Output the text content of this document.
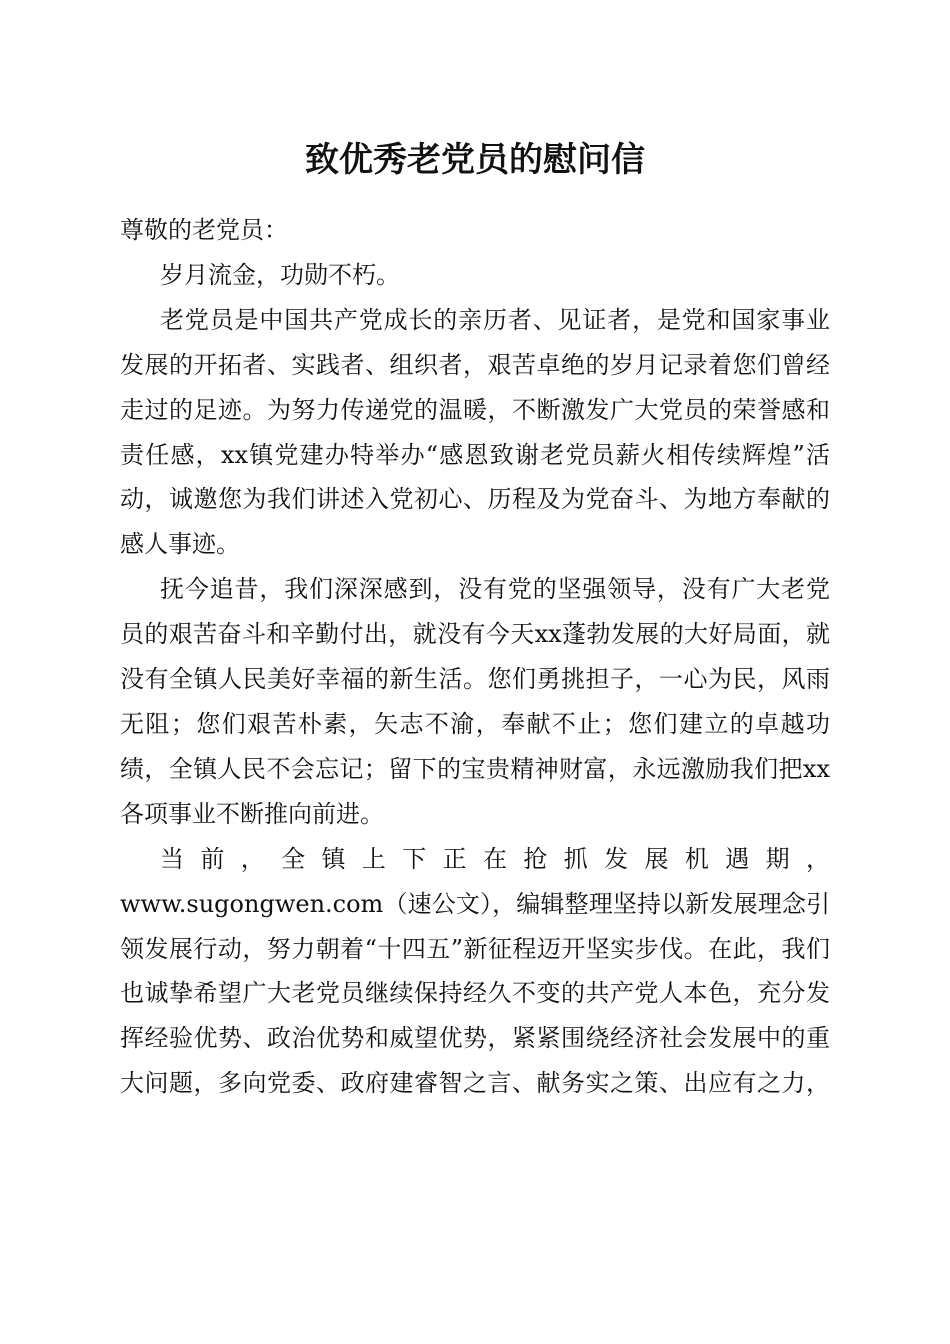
致优秀老党员的慰问信

尊敬的老党员：

岁月流金，功勋不朽。

老党员是中国共产党成长的亲历者、见证者，是党和国家事业发展的开拓者、实践者、组织者，艰苦卓绝的岁月记录着您们曾经走过的足迹。为努力传递党的温暖，不断激发广大党员的荣誉感和责任感，xx镇党建办特举办“感恩致谢老党员薪火相传续辉煌”活动，诚邀您为我们讲述入党初心、历程及为党奋斗、为地方奉献的感人事迹。

抚今追昔，我们深深感到，没有党的坚强领导，没有广大老党员的艰苦奋斗和辛勤付出，就没有今天xx蓬勃发展的大好局面，就没有全镇人民美好幸福的新生活。您们勇挑担子，一心为民，风雨无阻；您们艰苦朴素，矢志不渝，奉献不止；您们建立的卓越功绩，全镇人民不会忘记；留下的宝贵精神财富，永远激励我们把xx各项事业不断推向前进。

当前，全镇上下正在抢抓发展机遇期，www.sugongwen.com（速公文），编辑整理坚持以新发展理念引领发展行动，努力朝着“十四五”新征程迈开坚实步伐。在此，我们也诚挚希望广大老党员继续保持经久不变的共产党人本色，充分发挥经验优势、政治优势和威望优势，紧紧围绕经济社会发展中的重大问题，多向党委、政府建睿智之言、献务实之策、出应有之力，
